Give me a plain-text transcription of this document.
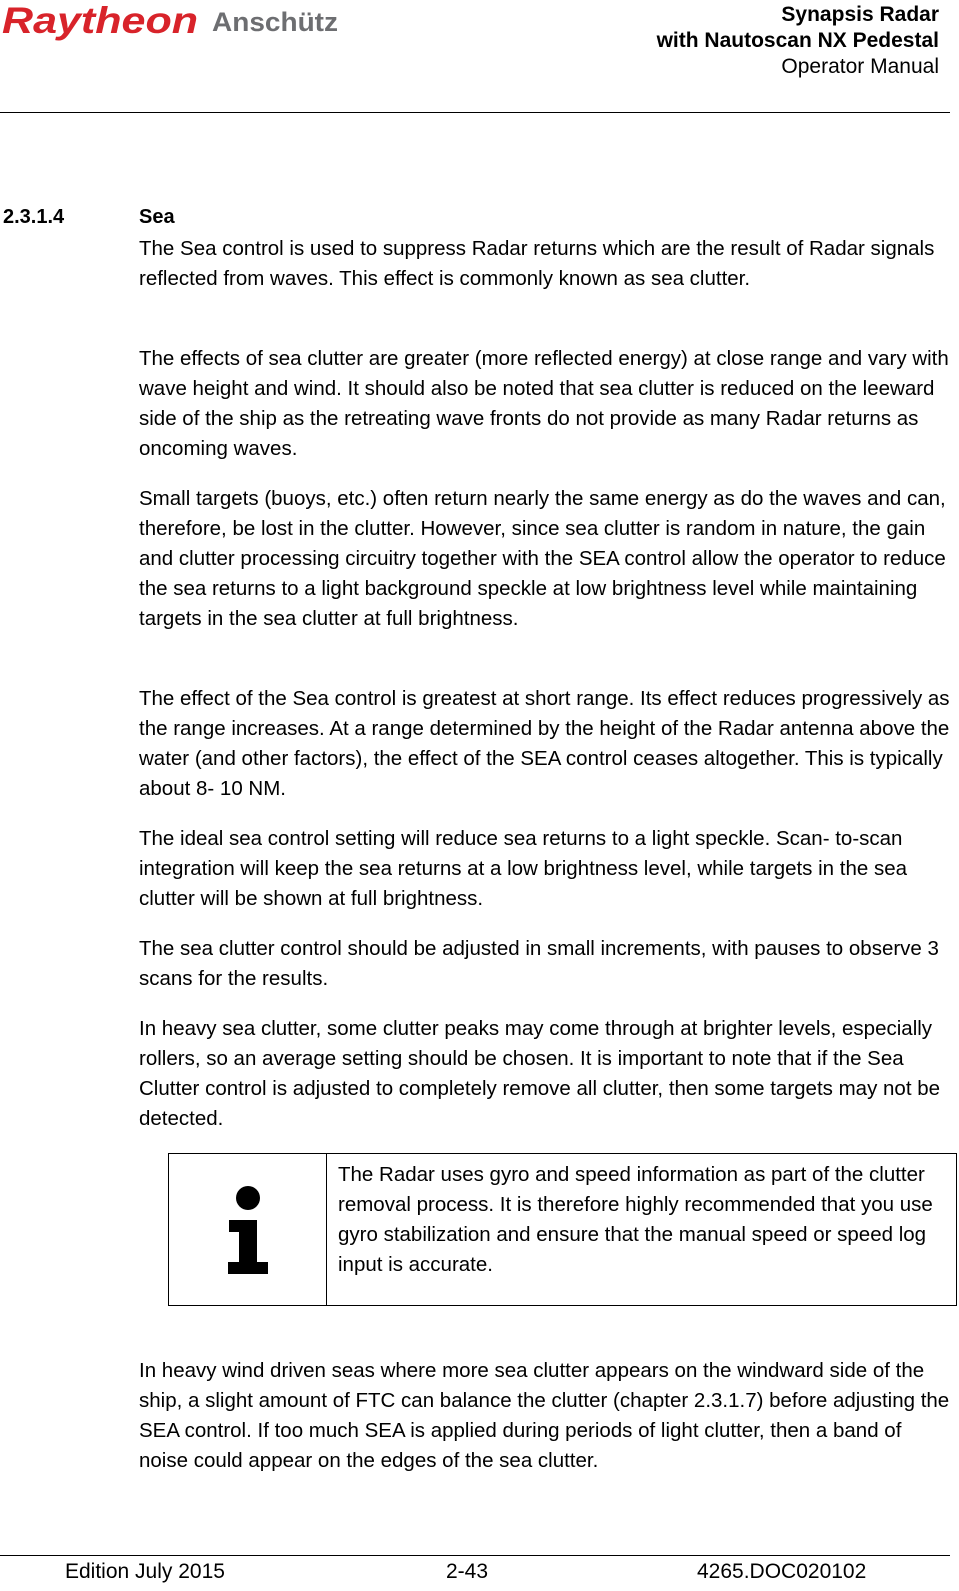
Raytheon Anschütz	Synapsis Radar
with Nautoscan NX Pedestal
Operator Manual
2.3.1.4	Sea
The Sea control is used to suppress Radar returns which are the result of Radar signals reflected from waves. This effect is commonly known as sea clutter.
The effects of sea clutter are greater (more reflected energy) at close range and vary with wave height and wind. It should also be noted that sea clutter is reduced on the leeward side of the ship as the retreating wave fronts do not provide as many Radar returns as oncoming waves.
Small targets (buoys, etc.) often return nearly the same energy as do the waves and can, therefore, be lost in the clutter. However, since sea clutter is random in nature, the gain and clutter processing circuitry together with the SEA control allow the operator to reduce the sea returns to a light background speckle at low brightness level while maintaining targets in the sea clutter at full brightness.
The effect of the Sea control is greatest at short range. Its effect reduces progressively as the range increases. At a range determined by the height of the Radar antenna above the water (and other factors), the effect of the SEA control ceases altogether. This is typically about 8- 10 NM.
The ideal sea control setting will reduce sea returns to a light speckle. Scan- to-scan integration will keep the sea returns at a low brightness level, while targets in the sea clutter will be shown at full brightness.
The sea clutter control should be adjusted in small increments, with pauses to observe 3 scans for the results.
In heavy sea clutter, some clutter peaks may come through at brighter levels, especially rollers, so an average setting should be chosen. It is important to note that if the Sea Clutter control is adjusted to completely remove all clutter, then some targets may not be detected.
The Radar uses gyro and speed information as part of the clutter removal process. It is therefore highly recommended that you use gyro stabilization and ensure that the manual speed or speed log input is accurate.
In heavy wind driven seas where more sea clutter appears on the windward side of the ship, a slight amount of FTC can balance the clutter (chapter 2.3.1.7) before adjusting the SEA control. If too much SEA is applied during periods of light clutter, then a band of noise could appear on the edges of the sea clutter.
Edition July 2015	2-43	4265.DOC020102
